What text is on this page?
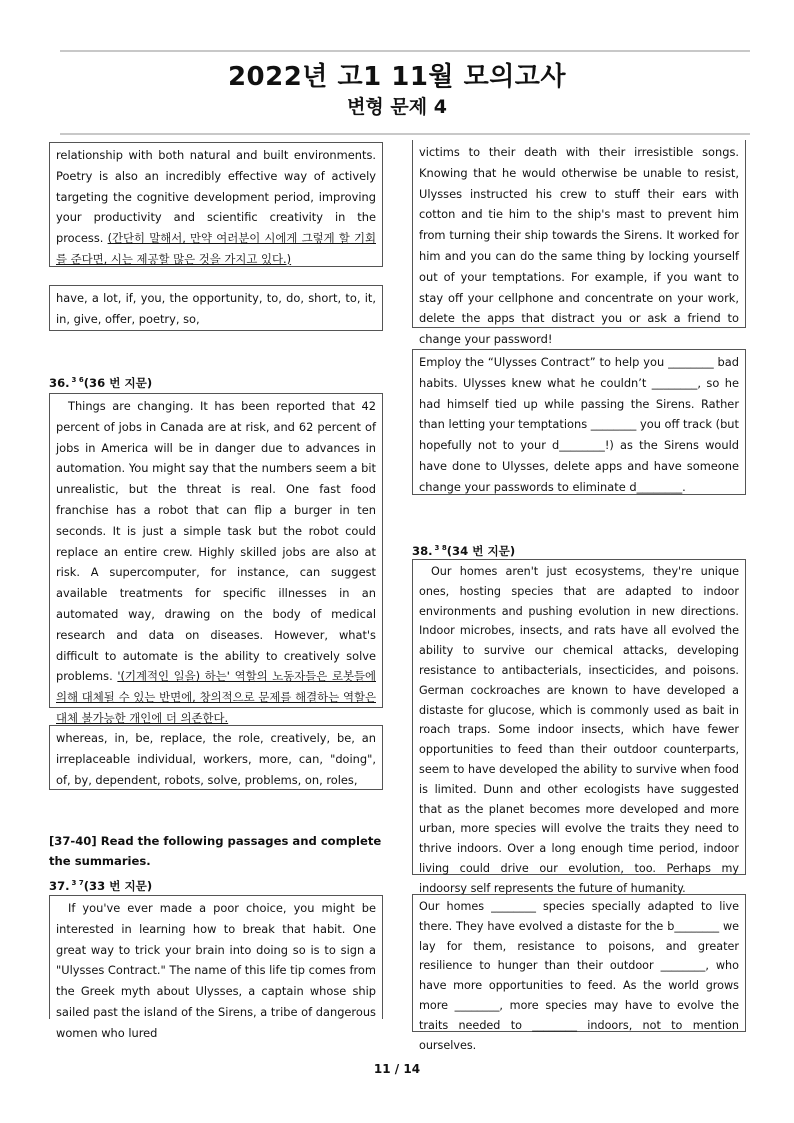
2022년 고1 11월 모의고사
변형 문제 4
relationship with both natural and built environments. Poetry is also an incredibly effective way of actively targeting the cognitive development period, improving your productivity and scientific creativity in the process. (간단히 말해서, 만약 여러분이 시에게 그렇게 할 기회를 준다면, 시는 제공할 많은 것을 가지고 있다.)
have, a lot, if, you, the opportunity, to, do, short, to, it, in, give, offer, poetry, so,
36. $^{3 6}$(36 번 지문)
Things are changing. It has been reported that 42 percent of jobs in Canada are at risk, and 62 percent of jobs in America will be in danger due to advances in automation. You might say that the numbers seem a bit unrealistic, but the threat is real. One fast food franchise has a robot that can flip a burger in ten seconds. It is just a simple task but the robot could replace an entire crew. Highly skilled jobs are also at risk. A supercomputer, for instance, can suggest available treatments for specific illnesses in an automated way, drawing on the body of medical research and data on diseases. However, what's difficult to automate is the ability to creatively solve problems. '(기계적인 일을) 하는' 역할의 노동자들은 로봇들에 의해 대체될 수 있는 반면에, 창의적으로 문제를 해결하는 역할은 대체 불가능한 개인에 더 의존한다.
whereas, in, be, replace, the role, creatively, be, an irreplaceable individual, workers, more, can, "doing", of, by, dependent, robots, solve, problems, on, roles,
[37-40] Read the following passages and complete the summaries.
37. $^{3 7}$(33 번 지문)
If you've ever made a poor choice, you might be interested in learning how to break that habit. One great way to trick your brain into doing so is to sign a "Ulysses Contract." The name of this life tip comes from the Greek myth about Ulysses, a captain whose ship sailed past the island of the Sirens, a tribe of dangerous women who lured
victims to their death with their irresistible songs. Knowing that he would otherwise be unable to resist, Ulysses instructed his crew to stuff their ears with cotton and tie him to the ship's mast to prevent him from turning their ship towards the Sirens. It worked for him and you can do the same thing by locking yourself out of your temptations. For example, if you want to stay off your cellphone and concentrate on your work, delete the apps that distract you or ask a friend to change your password!
Employ the “Ulysses Contract” to help you ________ bad habits. Ulysses knew what he couldn’t ________, so he had himself tied up while passing the Sirens. Rather than letting your temptations ________ you off track (but hopefully not to your d________!) as the Sirens would have done to Ulysses, delete apps and have someone change your passwords to eliminate d________.
38. $^{3 8}$(34 번 지문)
Our homes aren't just ecosystems, they're unique ones, hosting species that are adapted to indoor environments and pushing evolution in new directions. Indoor microbes, insects, and rats have all evolved the ability to survive our chemical attacks, developing resistance to antibacterials, insecticides, and poisons. German cockroaches are known to have developed a distaste for glucose, which is commonly used as bait in roach traps. Some indoor insects, which have fewer opportunities to feed than their outdoor counterparts, seem to have developed the ability to survive when food is limited. Dunn and other ecologists have suggested that as the planet becomes more developed and more urban, more species will evolve the traits they need to thrive indoors. Over a long enough time period, indoor living could drive our evolution, too. Perhaps my indoorsy self represents the future of humanity.
Our homes ________ species specially adapted to live there. They have evolved a distaste for the b________ we lay for them, resistance to poisons, and greater resilience to hunger than their outdoor ________, who have more opportunities to feed. As the world grows more ________, more species may have to evolve the traits needed to ________ indoors, not to mention ourselves.
11 / 14
